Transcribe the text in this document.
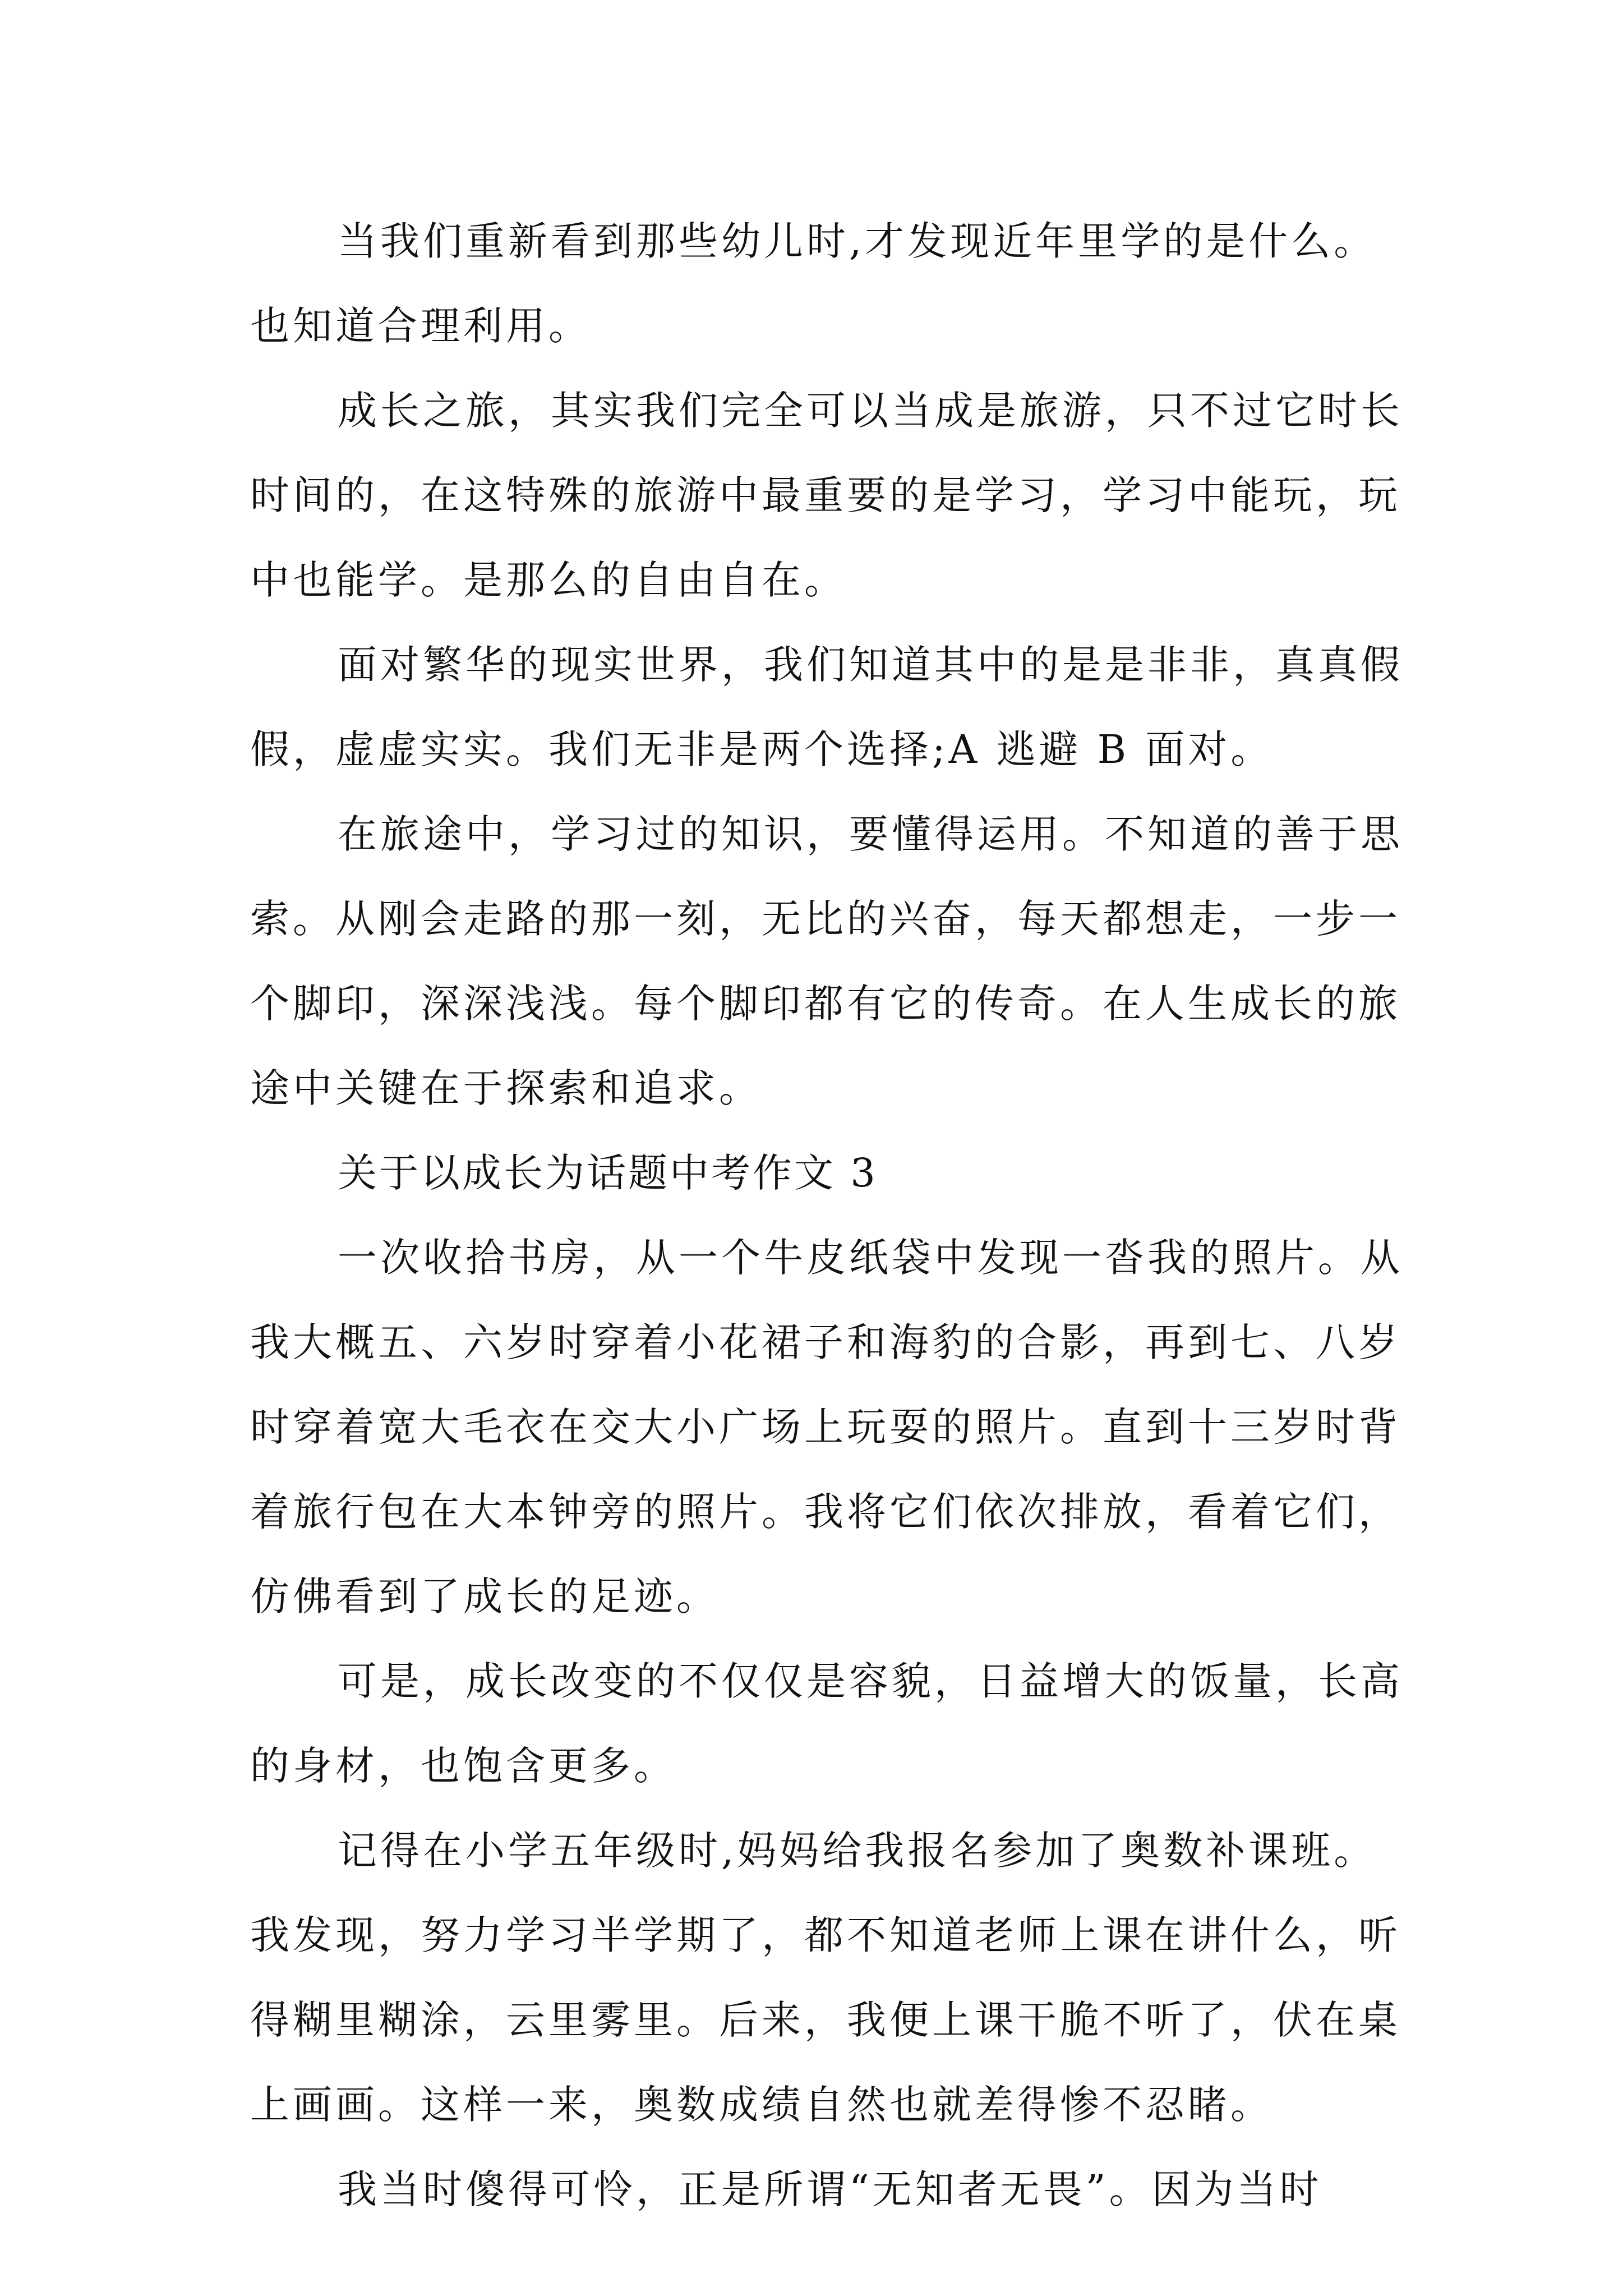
当我们重新看到那些幼儿时,才发现近年里学的是什么。也知道合理利用。

成长之旅，其实我们完全可以当成是旅游，只不过它时长时间的，在这特殊的旅游中最重要的是学习，学习中能玩，玩中也能学。是那么的自由自在。

面对繁华的现实世界，我们知道其中的是是非非，真真假假，虚虚实实。我们无非是两个选择;A 逃避 B 面对。

在旅途中，学习过的知识，要懂得运用。不知道的善于思索。从刚会走路的那一刻，无比的兴奋，每天都想走，一步一个脚印，深深浅浅。每个脚印都有它的传奇。在人生成长的旅途中关键在于探索和追求。

关于以成长为话题中考作文 3

一次收拾书房，从一个牛皮纸袋中发现一沓我的照片。从我大概五、六岁时穿着小花裙子和海豹的合影，再到七、八岁时穿着宽大毛衣在交大小广场上玩耍的照片。直到十三岁时背着旅行包在大本钟旁的照片。我将它们依次排放，看着它们，仿佛看到了成长的足迹。

可是，成长改变的不仅仅是容貌，日益增大的饭量，长高的身材，也饱含更多。

记得在小学五年级时,妈妈给我报名参加了奥数补课班。我发现，努力学习半学期了，都不知道老师上课在讲什么，听得糊里糊涂，云里雾里。后来，我便上课干脆不听了，伏在桌上画画。这样一来，奥数成绩自然也就差得惨不忍睹。

我当时傻得可怜，正是所谓“无知者无畏”。因为当时
